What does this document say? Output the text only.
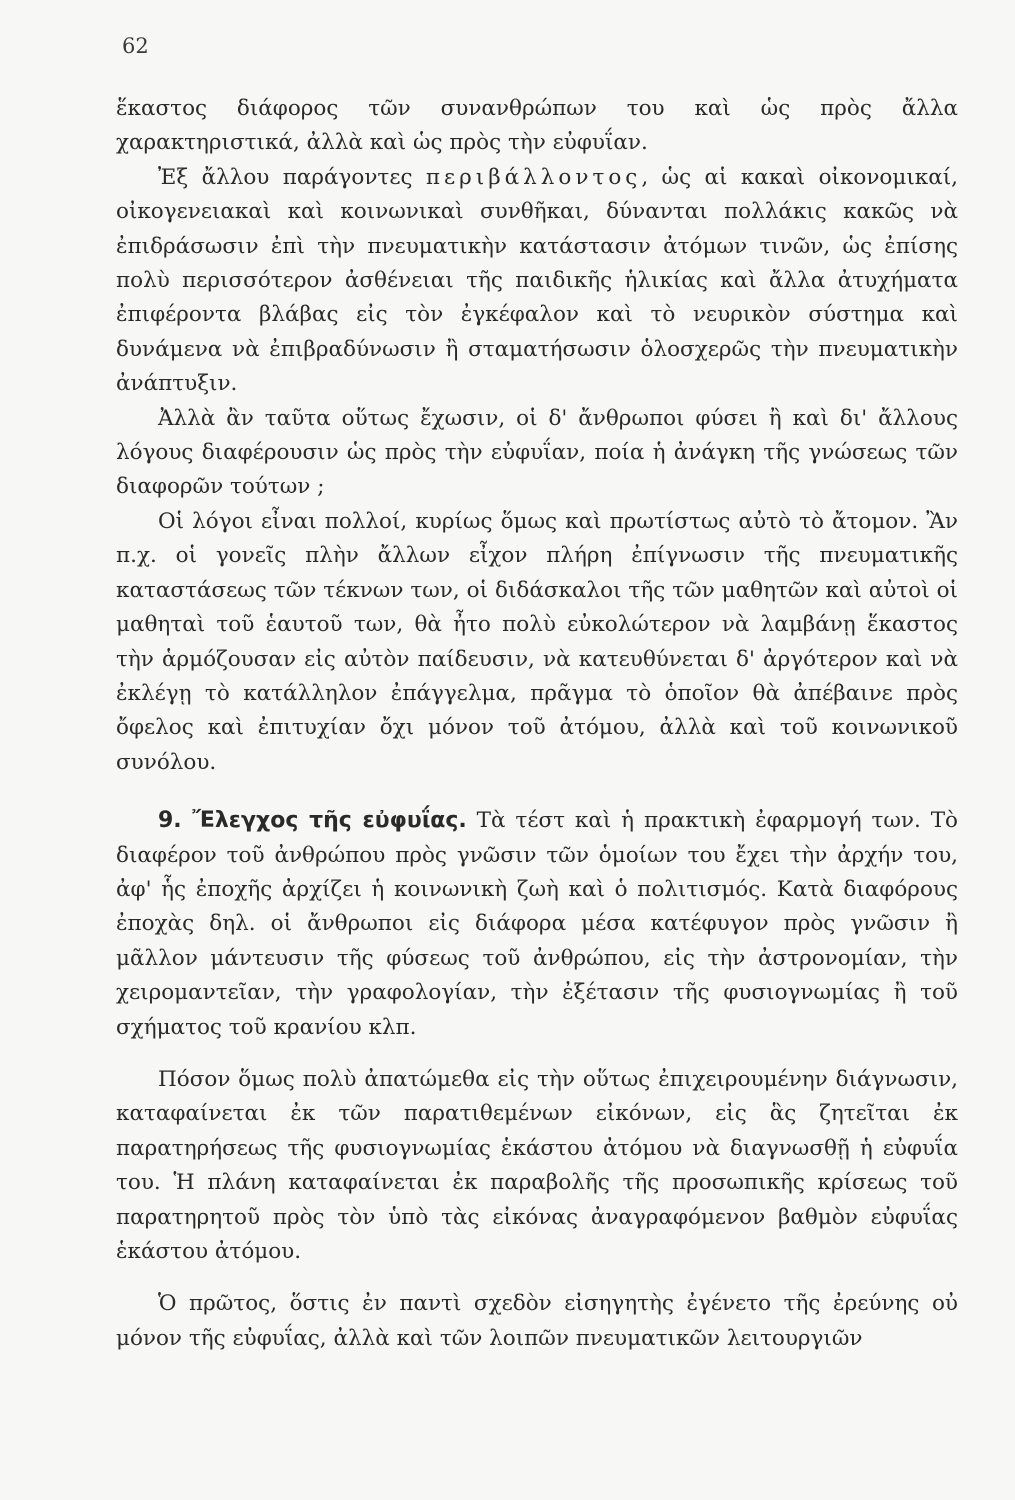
62

ἕκαστος διάφορος τῶν συνανθρώπων του καὶ ὡς πρὸς ἄλλα χαρακτηριστικά, ἀλλὰ καὶ ὡς πρὸς τὴν εὐφυΐαν.

Ἐξ ἄλλου παράγοντες περιβάλλοντος, ὡς αἱ κακαὶ οἰκονομικαί, οἰκογενειακαὶ καὶ κοινωνικαὶ συνθῆκαι, δύνανται πολλάκις κακῶς νὰ ἐπιδράσωσιν ἐπὶ τὴν πνευματικὴν κατάστασιν ἀτόμων τινῶν, ὡς ἐπίσης πολὺ περισσότερον ἀσθένειαι τῆς παιδικῆς ἡλικίας καὶ ἄλλα ἀτυχήματα ἐπιφέροντα βλάβας εἰς τὸν ἐγκέφαλον καὶ τὸ νευρικὸν σύστημα καὶ δυνάμενα νὰ ἐπιβραδύνωσιν ἢ σταματήσωσιν ὁλοσχερῶς τὴν πνευματικὴν ἀνάπτυξιν.

Ἀλλὰ ἂν ταῦτα οὕτως ἔχωσιν, οἱ δ' ἄνθρωποι φύσει ἢ καὶ δι' ἄλλους λόγους διαφέρουσιν ὡς πρὸς τὴν εὐφυΐαν, ποία ἡ ἀνάγκη τῆς γνώσεως τῶν διαφορῶν τούτων ;

Οἱ λόγοι εἶναι πολλοί, κυρίως ὅμως καὶ πρωτίστως αὐτὸ τὸ ἄτομον. Ἂν π.χ. οἱ γονεῖς πλὴν ἄλλων εἶχον πλήρη ἐπίγνωσιν τῆς πνευματικῆς καταστάσεως τῶν τέκνων των, οἱ διδάσκαλοι τῆς τῶν μαθητῶν καὶ αὐτοὶ οἱ μαθηταὶ τοῦ ἑαυτοῦ των, θὰ ἦτο πολὺ εὐκολώτερον νὰ λαμβάνῃ ἕκαστος τὴν ἁρμόζουσαν εἰς αὐτὸν παίδευσιν, νὰ κατευθύνεται δ' ἀργότερον καὶ νὰ ἐκλέγῃ τὸ κατάλληλον ἐπάγγελμα, πρᾶγμα τὸ ὁποῖον θὰ ἀπέβαινε πρὸς ὄφελος καὶ ἐπιτυχίαν ὄχι μόνον τοῦ ἀτόμου, ἀλλὰ καὶ τοῦ κοινωνικοῦ συνόλου.

9. Ἔλεγχος τῆς εὐφυΐας. Τὰ τέστ καὶ ἡ πρακτικὴ ἐφαρμογή των. Τὸ διαφέρον τοῦ ἀνθρώπου πρὸς γνῶσιν τῶν ὁμοίων του ἔχει τὴν ἀρχήν του, ἀφ' ἧς ἐποχῆς ἀρχίζει ἡ κοινωνικὴ ζωὴ καὶ ὁ πολιτισμός. Κατὰ διαφόρους ἐποχὰς δηλ. οἱ ἄνθρωποι εἰς διάφορα μέσα κατέφυγον πρὸς γνῶσιν ἢ μᾶλλον μάντευσιν τῆς φύσεως τοῦ ἀνθρώπου, εἰς τὴν ἀστρονομίαν, τὴν χειρομαντεῖαν, τὴν γραφολογίαν, τὴν ἐξέτασιν τῆς φυσιογνωμίας ἢ τοῦ σχήματος τοῦ κρανίου κλπ.

Πόσον ὅμως πολὺ ἀπατώμεθα εἰς τὴν οὕτως ἐπιχειρουμένην διάγνωσιν, καταφαίνεται ἐκ τῶν παρατιθεμένων εἰκόνων, εἰς ἃς ζητεῖται ἐκ παρατηρήσεως τῆς φυσιογνωμίας ἑκάστου ἀτόμου νὰ διαγνωσθῇ ἡ εὐφυΐα του. Ἡ πλάνη καταφαίνεται ἐκ παραβολῆς τῆς προσωπικῆς κρίσεως τοῦ παρατηρητοῦ πρὸς τὸν ὑπὸ τὰς εἰκόνας ἀναγραφόμενον βαθμὸν εὐφυΐας ἑκάστου ἀτόμου.

Ὁ πρῶτος, ὅστις ἐν παντὶ σχεδὸν εἰσηγητὴς ἐγένετο τῆς ἐρεύνης οὐ μόνον τῆς εὐφυΐας, ἀλλὰ καὶ τῶν λοιπῶν πνευματικῶν λειτουργιῶν
